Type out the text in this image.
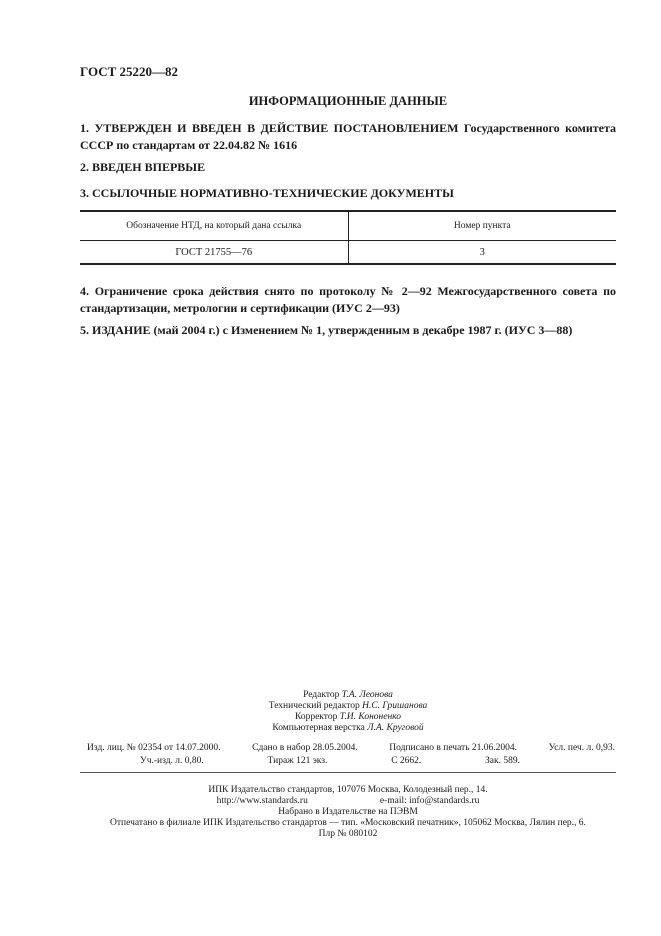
ГОСТ 25220—82
ИНФОРМАЦИОННЫЕ ДАННЫЕ
1. УТВЕРЖДЕН И ВВЕДЕН В ДЕЙСТВИЕ ПОСТАНОВЛЕНИЕМ Государственного комитета СССР по стандартам от 22.04.82 № 1616
2. ВВЕДЕН ВПЕРВЫЕ
3. ССЫЛОЧНЫЕ НОРМАТИВНО-ТЕХНИЧЕСКИЕ ДОКУМЕНТЫ
Обозначение НТД, на который дана ссылка	Номер пункта
ГОСТ 21755—76	3
4. Ограничение срока действия снято по протоколу № 2—92 Межгосударственного совета по стандартизации, метрологии и сертификации (ИУС 2—93)
5. ИЗДАНИЕ (май 2004 г.) с Изменением № 1, утвержденным в декабре 1987 г. (ИУС 3—88)
Редактор Т.А. Леонова
Технический редактор Н.С. Гришанова
Корректор Т.И. Кононенко
Компьютерная верстка Л.А. Круговой
Изд. лиц. № 02354 от 14.07.2000.	Сдано в набор 28.05.2004.	Подписано в печать 21.06.2004.	Усл. печ. л. 0,93.
Уч.-изд. л. 0,80.	Тираж 121 экз.	С 2662.	Зак. 589.
ИПК Издательство стандартов, 107076 Москва, Колодезный пер., 14.
http://www.standards.ru	e-mail: info@standards.ru
Набрано в Издательстве на ПЭВМ
Отпечатано в филиале ИПК Издательство стандартов — тип. «Московский печатник», 105062 Москва, Лялин пер., 6.
Плр № 080102
